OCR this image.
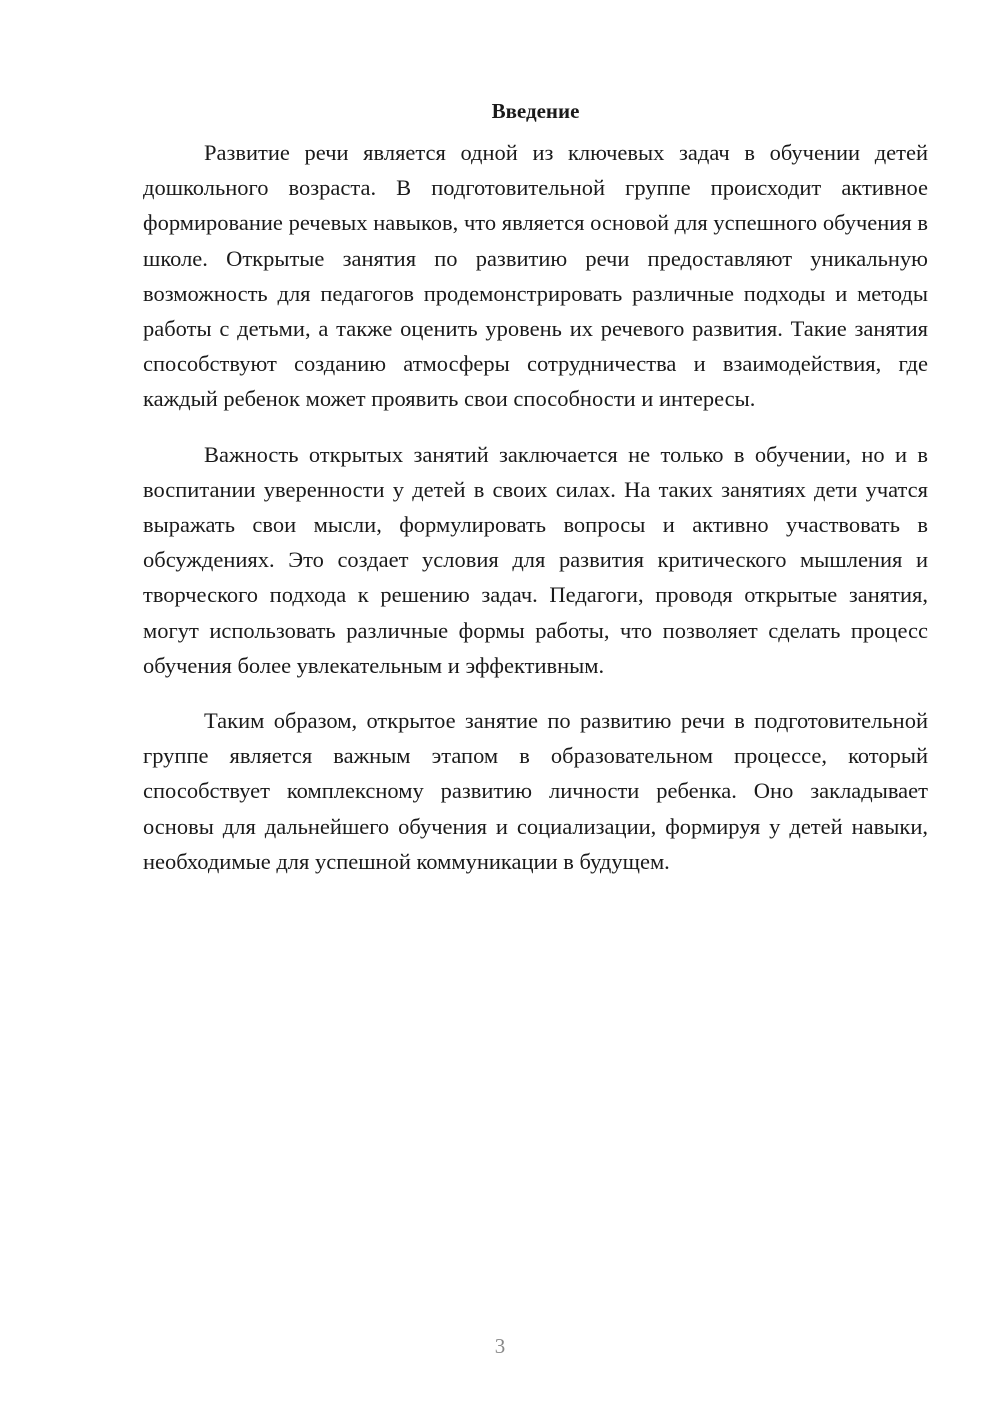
Введение

Развитие речи является одной из ключевых задач в обучении детей дошкольного возраста. В подготовительной группе происходит активное формирование речевых навыков, что является основой для успешного обучения в школе. Открытые занятия по развитию речи предоставляют уникальную возможность для педагогов продемонстрировать различные подходы и методы работы с детьми, а также оценить уровень их речевого развития. Такие занятия способствуют созданию атмосферы сотрудничества и взаимодействия, где каждый ребенок может проявить свои способности и интересы.

Важность открытых занятий заключается не только в обучении, но и в воспитании уверенности у детей в своих силах. На таких занятиях дети учатся выражать свои мысли, формулировать вопросы и активно участвовать в обсуждениях. Это создает условия для развития критического мышления и творческого подхода к решению задач. Педагоги, проводя открытые занятия, могут использовать различные формы работы, что позволяет сделать процесс обучения более увлекательным и эффективным.

Таким образом, открытое занятие по развитию речи в подготовительной группе является важным этапом в образовательном процессе, который способствует комплексному развитию личности ребенка. Оно закладывает основы для дальнейшего обучения и социализации, формируя у детей навыки, необходимые для успешной коммуникации в будущем.

3
